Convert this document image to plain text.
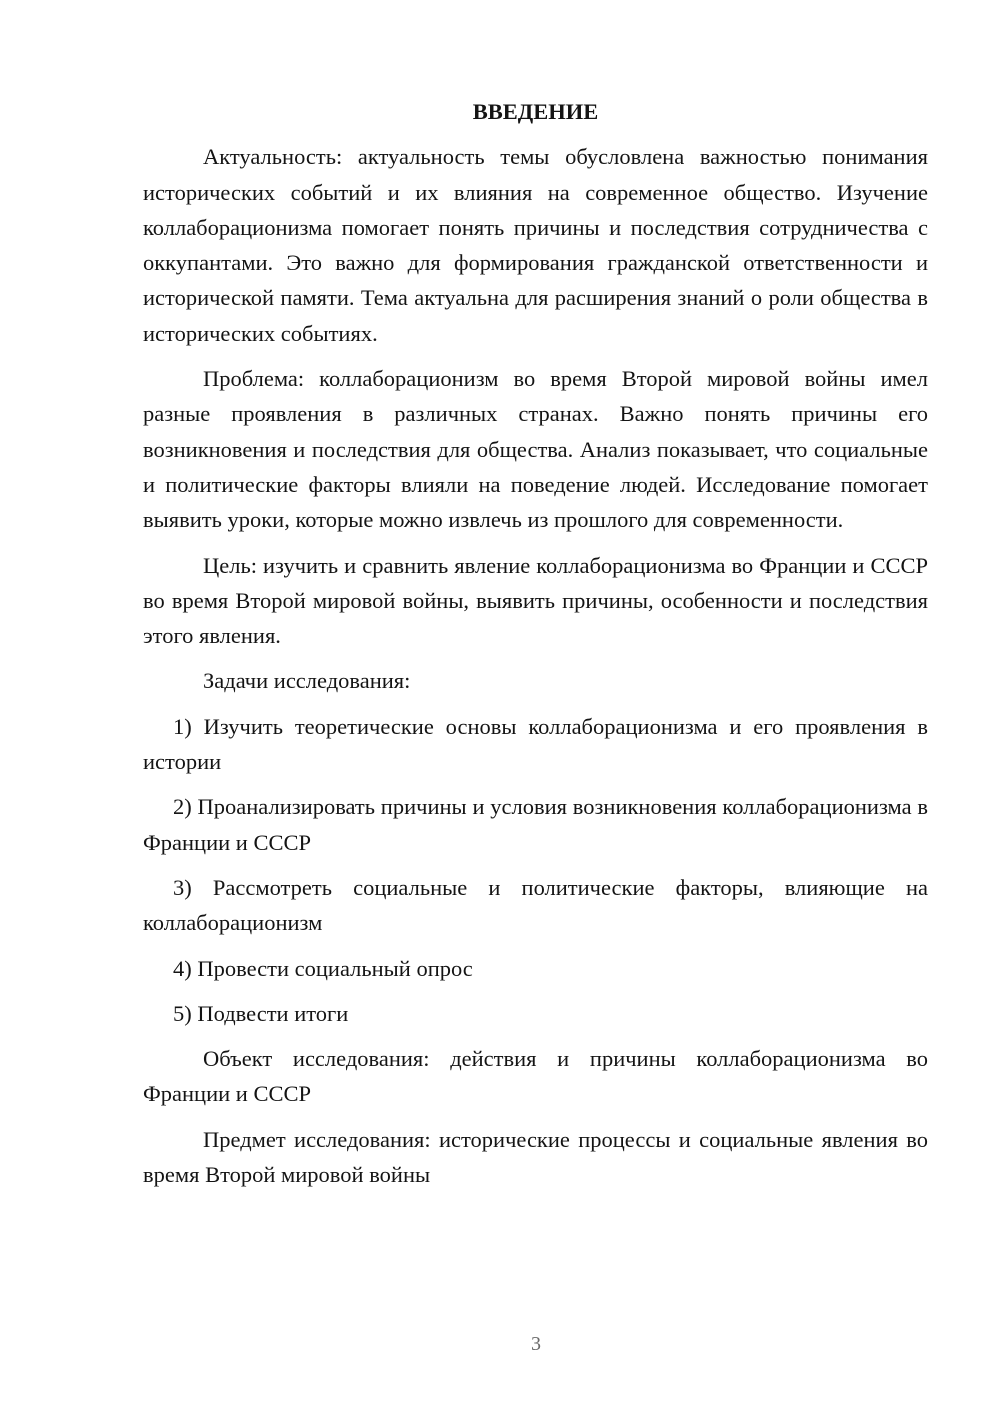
ВВЕДЕНИЕ

Актуальность: актуальность темы обусловлена важностью понимания исторических событий и их влияния на современное общество. Изучение коллаборационизма помогает понять причины и последствия сотрудничества с оккупантами. Это важно для формирования гражданской ответственности и исторической памяти. Тема актуальна для расширения знаний о роли общества в исторических событиях.

Проблема: коллаборационизм во время Второй мировой войны имел разные проявления в различных странах. Важно понять причины его возникновения и последствия для общества. Анализ показывает, что социальные и политические факторы влияли на поведение людей. Исследование помогает выявить уроки, которые можно извлечь из прошлого для современности.

Цель: изучить и сравнить явление коллаборационизма во Франции и СССР во время Второй мировой войны, выявить причины, особенности и последствия этого явления.

Задачи исследования:

1) Изучить теоретические основы коллаборационизма и его проявления в истории

2) Проанализировать причины и условия возникновения коллаборационизма в Франции и СССР

3) Рассмотреть социальные и политические факторы, влияющие на коллаборационизм

4) Провести социальный опрос

5) Подвести итоги

Объект исследования: действия и причины коллаборационизма во Франции и СССР

Предмет исследования: исторические процессы и социальные явления во время Второй мировой войны

3
